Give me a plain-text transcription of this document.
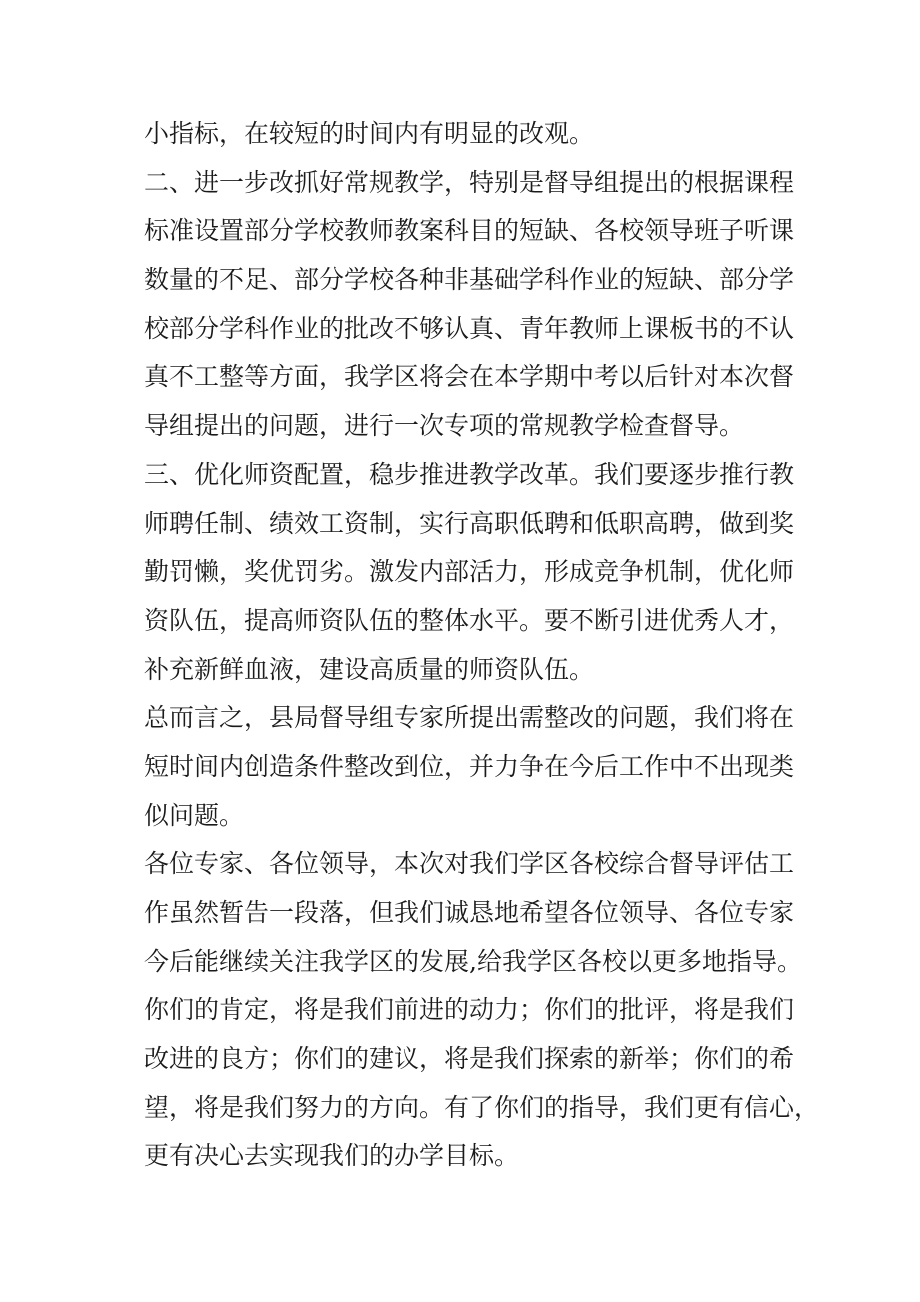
小指标，在较短的时间内有明显的改观。
二、进一步改抓好常规教学，特别是督导组提出的根据课程
标准设置部分学校教师教案科目的短缺、各校领导班子听课
数量的不足、部分学校各种非基础学科作业的短缺、部分学
校部分学科作业的批改不够认真、青年教师上课板书的不认
真不工整等方面，我学区将会在本学期中考以后针对本次督
导组提出的问题，进行一次专项的常规教学检查督导。
三、优化师资配置，稳步推进教学改革。我们要逐步推行教
师聘任制、绩效工资制，实行高职低聘和低职高聘，做到奖
勤罚懒，奖优罚劣。激发内部活力，形成竞争机制，优化师
资队伍，提高师资队伍的整体水平。要不断引进优秀人才，
补充新鲜血液，建设高质量的师资队伍。
总而言之，县局督导组专家所提出需整改的问题，我们将在
短时间内创造条件整改到位，并力争在今后工作中不出现类
似问题。
各位专家、各位领导，本次对我们学区各校综合督导评估工
作虽然暂告一段落，但我们诚恳地希望各位领导、各位专家
今后能继续关注我学区的发展,给我学区各校以更多地指导。
你们的肯定，将是我们前进的动力；你们的批评，将是我们
改进的良方；你们的建议，将是我们探索的新举；你们的希
望，将是我们努力的方向。有了你们的指导，我们更有信心，
更有决心去实现我们的办学目标。
